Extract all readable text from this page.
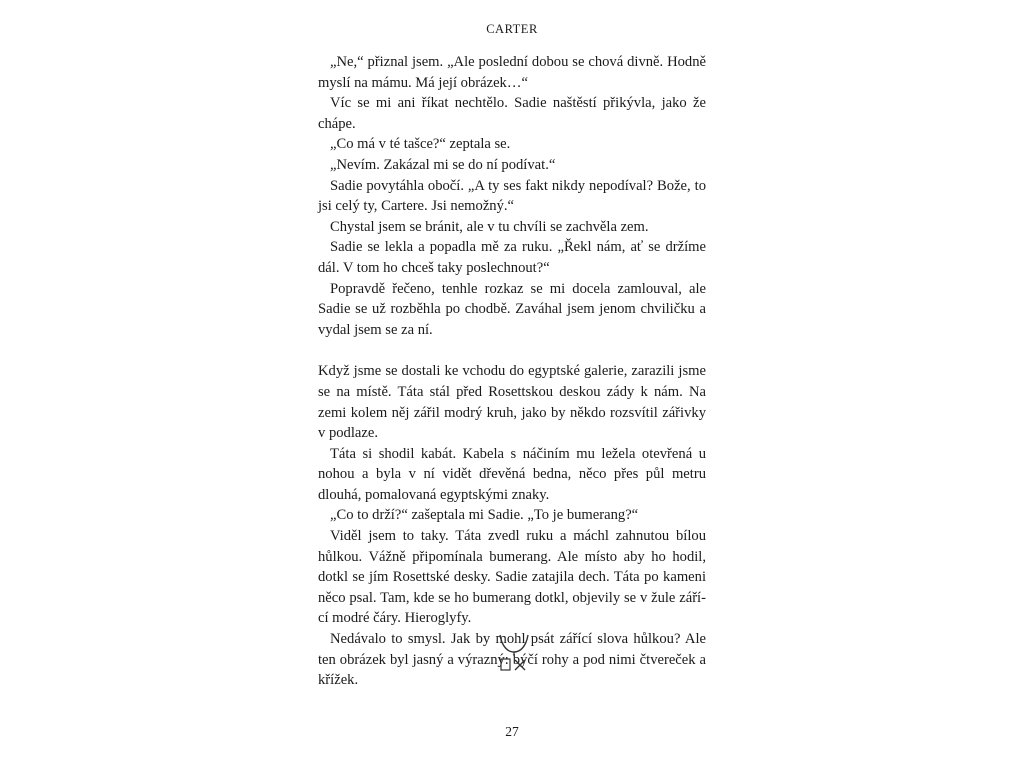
CARTER

„Ne,“ přiznal jsem. „Ale poslední dobou se chová divně. Hodně myslí na mámu. Má její obrázek…“

Víc se mi ani říkat nechtělo. Sadie naštěstí přikývla, jako že chápe.

„Co má v té tašce?“ zeptala se.

„Nevím. Zakázal mi se do ní podívat.“

Sadie povytáhla obočí. „A ty ses fakt nikdy nepodíval? Bože, to jsi celý ty, Cartere. Jsi nemožný.“

Chystal jsem se bránit, ale v tu chvíli se zachvěla zem.

Sadie se lekla a popadla mě za ruku. „Řekl nám, ať se držíme dál. V tom ho chceš taky poslechnout?“

Popravdě řečeno, tenhle rozkaz se mi docela zamlouval, ale Sadie se už rozběhla po chodbě. Zaváhal jsem jenom chviličku a vydal jsem se za ní.

Když jsme se dostali ke vchodu do egyptské galerie, zarazili jsme se na místě. Táta stál před Rosettskou deskou zády k nám. Na zemi kolem něj zářil modrý kruh, jako by někdo rozsvítil zářivky v podlaze.

Táta si shodil kabát. Kabela s náčiním mu ležela otevřená u nohou a byla v ní vidět dřevěná bedna, něco přes půl metru dlouhá, pomalovaná egyptskými znaky.

„Co to drží?“ zašeptala mi Sadie. „To je bumerang?“

Viděl jsem to taky. Táta zvedl ruku a máchl zahnutou bílou hůlkou. Vážně připomínala bumerang. Ale místo aby ho hodil, dotkl se jím Rosettské desky. Sadie zatajila dech. Táta po kameni něco psal. Tam, kde se ho bumerang dotkl, objevily se v žule zářící modré čáry. Hieroglyfy.

Nedávalo to smysl. Jak by mohl psát zářící slova hůlkou? Ale ten obrázek byl jasný a výrazný: býčí rohy a pod nimi čtvereček a křížek.

27
